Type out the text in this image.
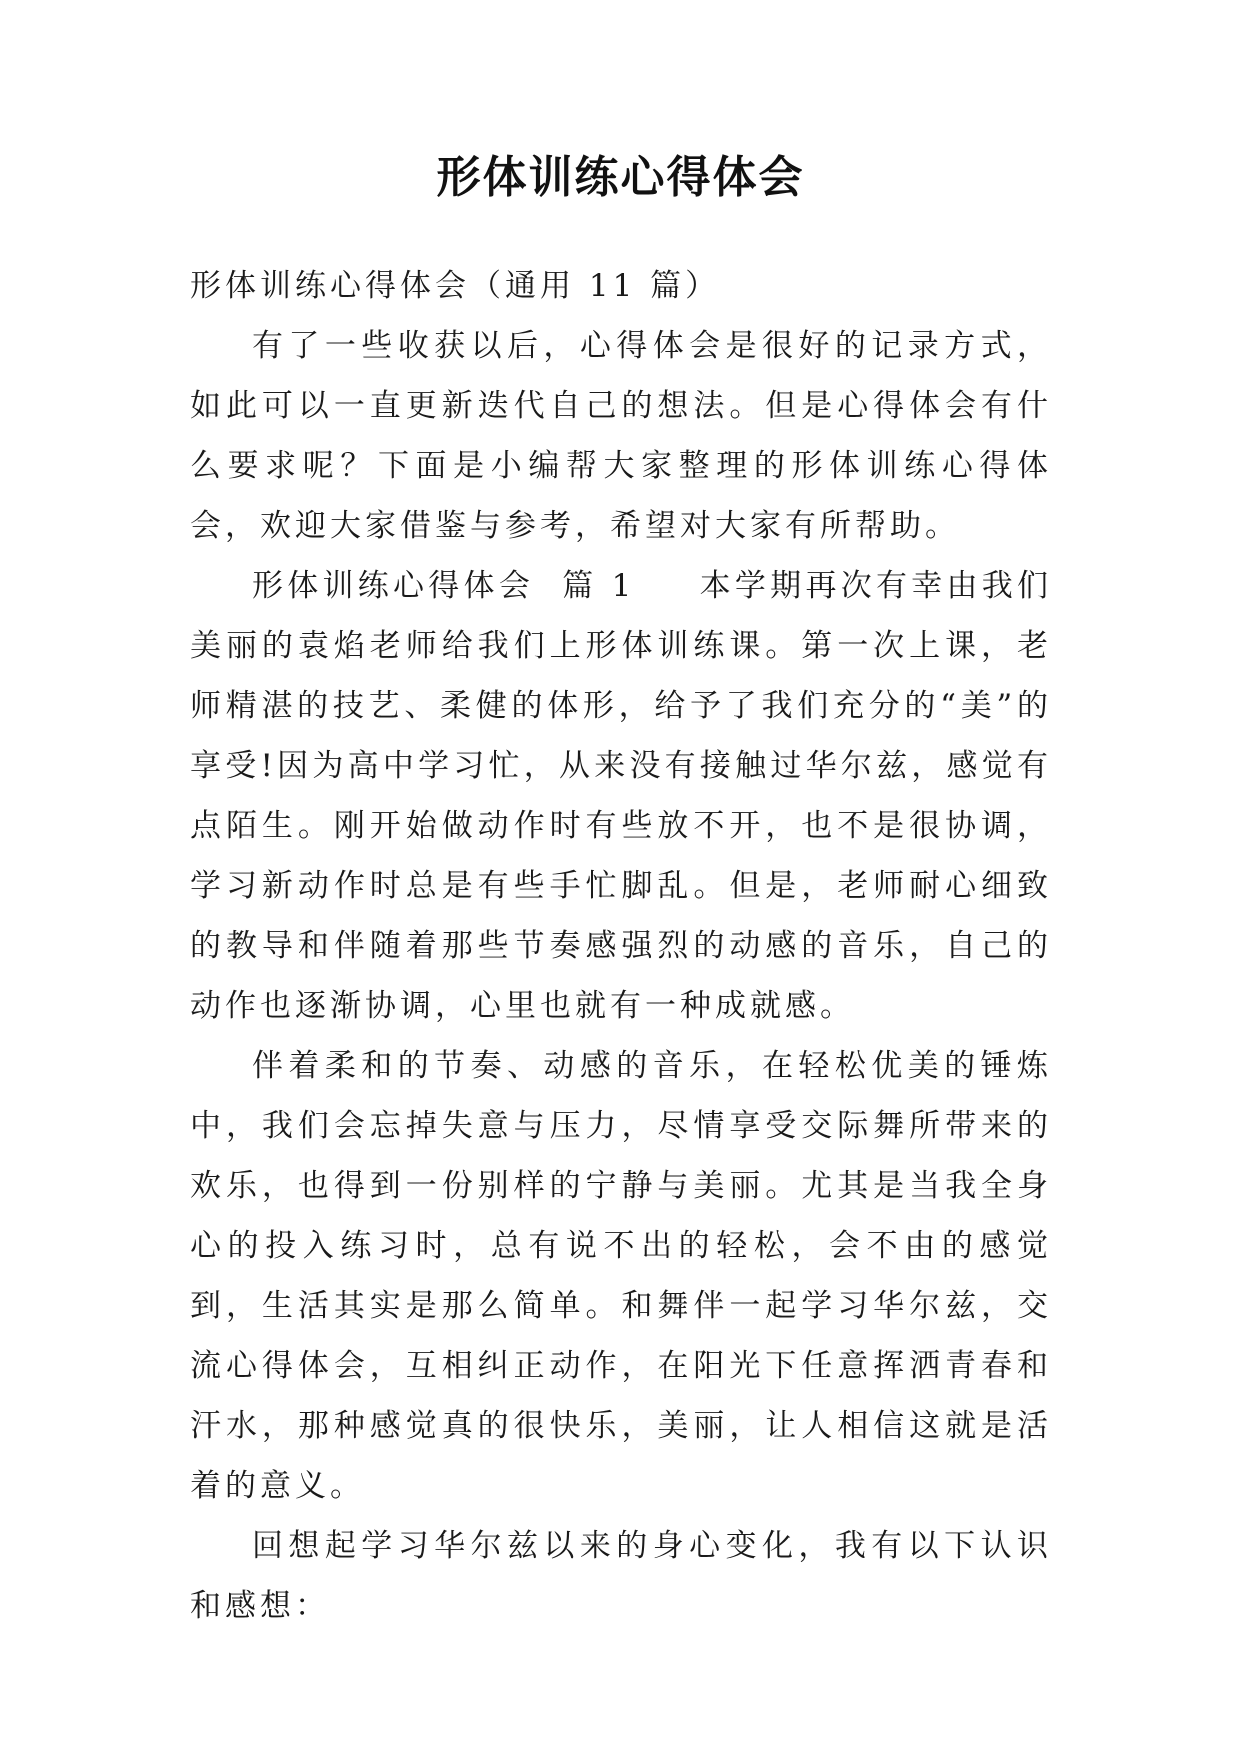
形体训练心得体会

形体训练心得体会（通用 11 篇）

有了一些收获以后，心得体会是很好的记录方式，如此可以一直更新迭代自己的想法。但是心得体会有什么要求呢？下面是小编帮大家整理的形体训练心得体会，欢迎大家借鉴与参考，希望对大家有所帮助。

形体训练心得体会  篇 1 本学期再次有幸由我们美丽的袁焰老师给我们上形体训练课。第一次上课，老师精湛的技艺、柔健的体形，给予了我们充分的“美”的享受!因为高中学习忙，从来没有接触过华尔兹，感觉有点陌生。刚开始做动作时有些放不开，也不是很协调，学习新动作时总是有些手忙脚乱。但是，老师耐心细致的教导和伴随着那些节奏感强烈的动感的音乐，自己的动作也逐渐协调，心里也就有一种成就感。

伴着柔和的节奏、动感的音乐，在轻松优美的锤炼中，我们会忘掉失意与压力，尽情享受交际舞所带来的欢乐，也得到一份别样的宁静与美丽。尤其是当我全身心的投入练习时，总有说不出的轻松，会不由的感觉到，生活其实是那么简单。和舞伴一起学习华尔兹，交流心得体会，互相纠正动作，在阳光下任意挥洒青春和汗水，那种感觉真的很快乐，美丽，让人相信这就是活着的意义。

回想起学习华尔兹以来的身心变化，我有以下认识和感想：
